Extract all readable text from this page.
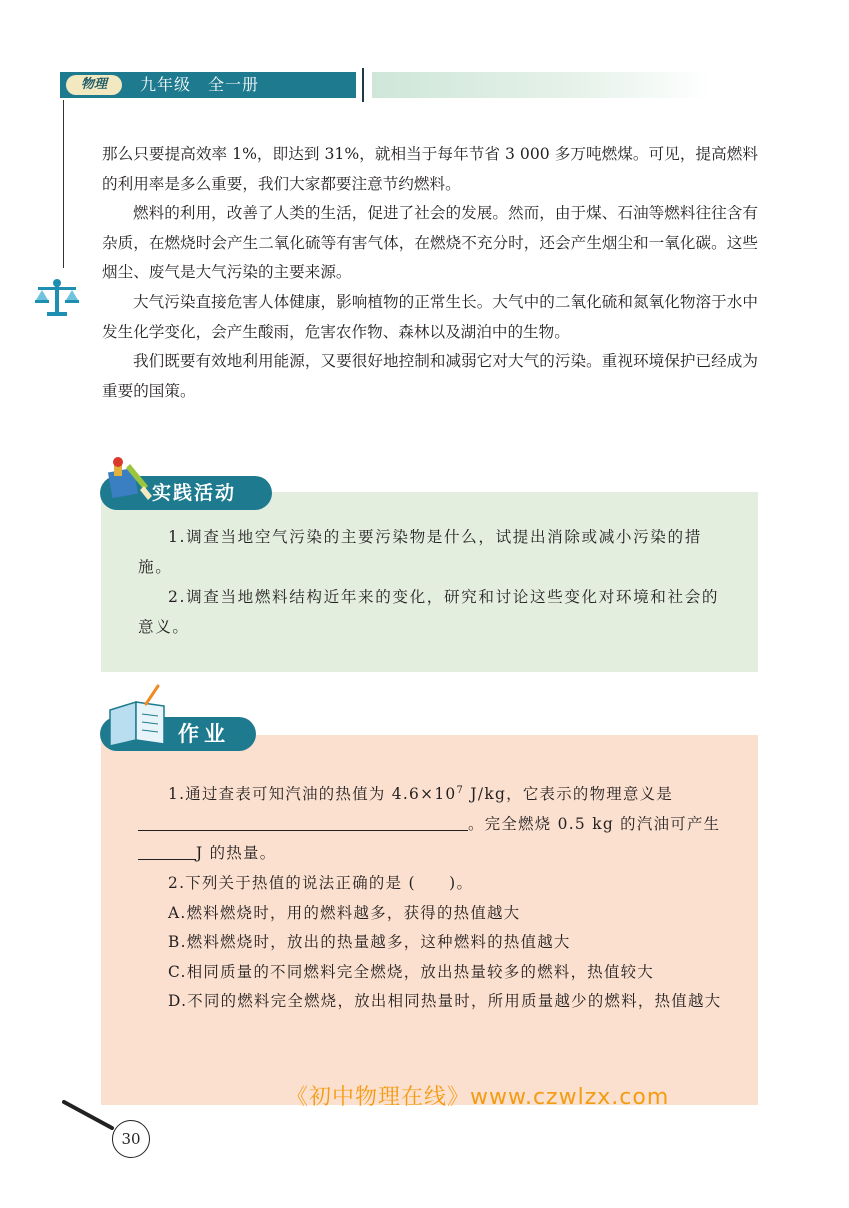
物理	九年级　全一册

那么只要提高效率 1%，即达到 31%，就相当于每年节省 3 000 多万吨燃煤。可见，提高燃料的利用率是多么重要，我们大家都要注意节约燃料。

燃料的利用，改善了人类的生活，促进了社会的发展。然而，由于煤、石油等燃料往往含有杂质，在燃烧时会产生二氧化硫等有害气体，在燃烧不充分时，还会产生烟尘和一氧化碳。这些烟尘、废气是大气污染的主要来源。

大气污染直接危害人体健康，影响植物的正常生长。大气中的二氧化硫和氮氧化物溶于水中发生化学变化，会产生酸雨，危害农作物、森林以及湖泊中的生物。

我们既要有效地利用能源，又要很好地控制和减弱它对大气的污染。重视环境保护已经成为重要的国策。

实践活动

1.调查当地空气污染的主要污染物是什么，试提出消除或减小污染的措施。

2.调查当地燃料结构近年来的变化，研究和讨论这些变化对环境和社会的意义。

作业

1.通过查表可知汽油的热值为 $4.6\times 10^7$ J/kg，它表示的物理意义是。完全燃烧 0.5 kg 的汽油可产生J 的热量。

2.下列关于热值的说法正确的是 (　　)。

A.燃料燃烧时，用的燃料越多，获得的热值越大

B.燃料燃烧时，放出的热量越多，这种燃料的热值越大

C.相同质量的不同燃料完全燃烧，放出热量较多的燃料，热值较大

D.不同的燃料完全燃烧，放出相同热量时，所用质量越少的燃料，热值越大

《初中物理在线》www.czwlzx.com
30
